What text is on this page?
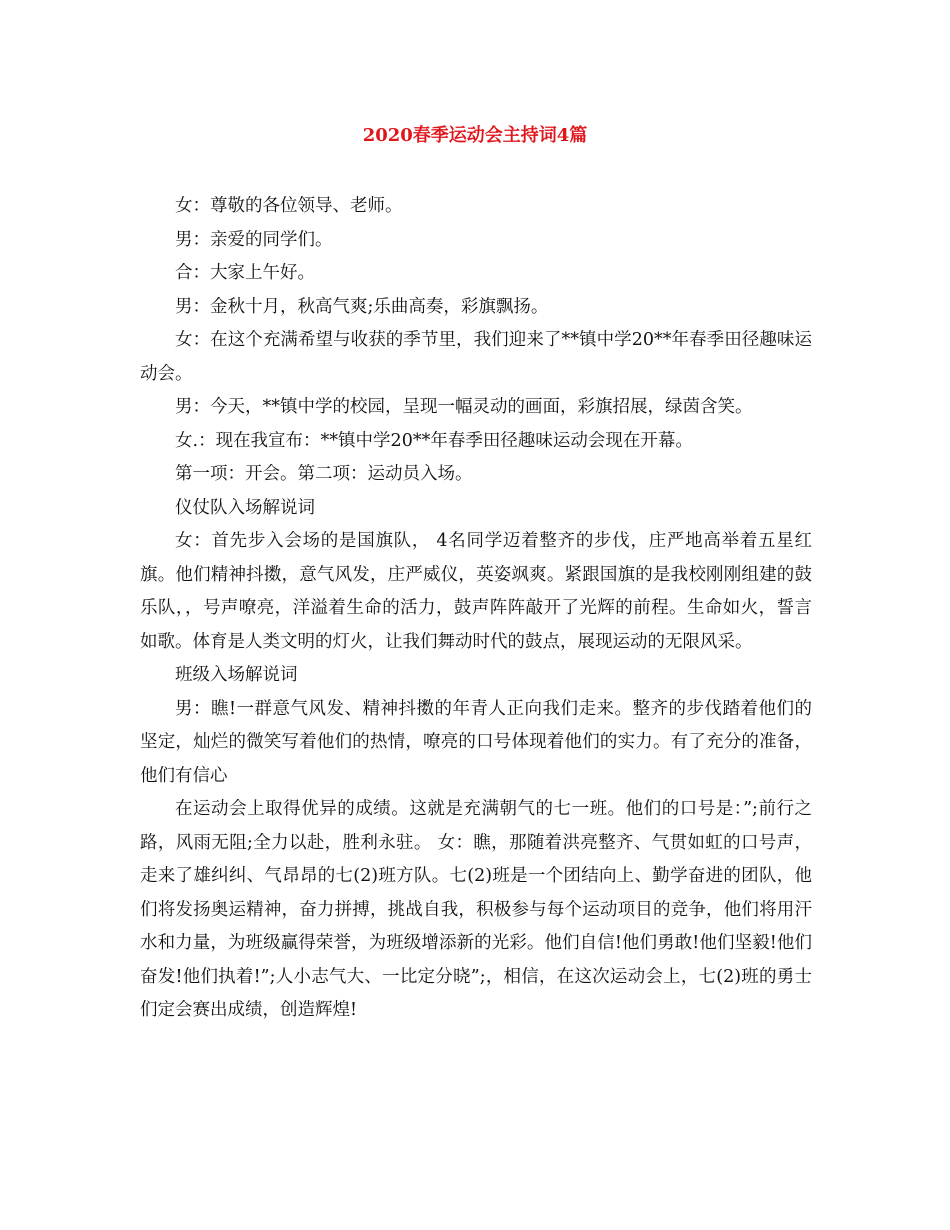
2020春季运动会主持词4篇

女：尊敬的各位领导、老师。

男：亲爱的同学们。

合：大家上午好。

男：金秋十月，秋高气爽;乐曲高奏，彩旗飘扬。

女：在这个充满希望与收获的季节里，我们迎来了**镇中学20**年春季田径趣味运动会。

男：今天，**镇中学的校园，呈现一幅灵动的画面，彩旗招展，绿茵含笑。

女.：现在我宣布：**镇中学20**年春季田径趣味运动会现在开幕。

第一项：开会。第二项：运动员入场。

仪仗队入场解说词

女：首先步入会场的是国旗队， 4名同学迈着整齐的步伐，庄严地高举着五星红旗。他们精神抖擞，意气风发，庄严威仪，英姿飒爽。紧跟国旗的是我校刚刚组建的鼓乐队，，号声嘹亮，洋溢着生命的活力，鼓声阵阵敲开了光辉的前程。生命如火，誓言如歌。体育是人类文明的灯火，让我们舞动时代的鼓点，展现运动的无限风采。

班级入场解说词

男：瞧!一群意气风发、精神抖擞的年青人正向我们走来。整齐的步伐踏着他们的坚定，灿烂的微笑写着他们的热情，嘹亮的口号体现着他们的实力。有了充分的准备，他们有信心

在运动会上取得优异的成绩。这就是充满朝气的七一班。他们的口号是：”;前行之路，风雨无阻;全力以赴，胜利永驻。 女：瞧，那随着洪亮整齐、气贯如虹的口号声，走来了雄纠纠、气昂昂的七(2)班方队。七(2)班是一个团结向上、勤学奋进的团队，他们将发扬奥运精神，奋力拼搏，挑战自我，积极参与每个运动项目的竞争，他们将用汗水和力量，为班级赢得荣誉，为班级增添新的光彩。他们自信!他们勇敢!他们坚毅!他们奋发!他们执着!”;人小志气大、一比定分晓”;，相信，在这次运动会上，七(2)班的勇士们定会赛出成绩，创造辉煌!
